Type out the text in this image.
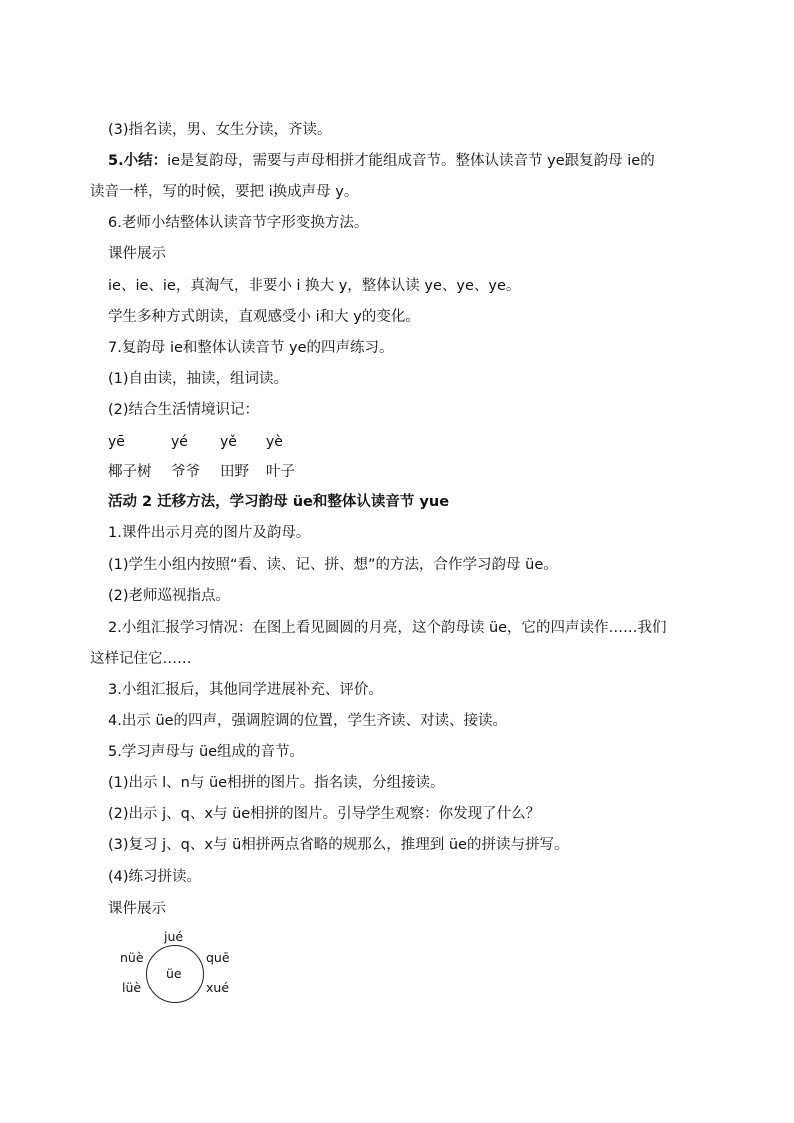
(3)指名读，男、女生分读，齐读。
5.小结：ie是复韵母，需要与声母相拼才能组成音节。整体认读音节 ye跟复韵母 ie的
读音一样，写的时候，要把 i换成声母 y。
6.老师小结整体认读音节字形变换方法。
课件展示
ie、ie、ie，真淘气，非要小 i 换大 y，整体认读 ye、ye、ye。
学生多种方式朗读，直观感受小 i和大 y的变化。
7.复韵母 ie和整体认读音节 ye的四声练习。
(1)自由读，抽读，组词读。
(2)结合生活情境识记：
yē	yé yě yè
椰子树 爷爷 田野 叶子
活动 2 迁移方法，学习韵母 üe和整体认读音节 yue
1.课件出示月亮的图片及韵母。
(1)学生小组内按照“看、读、记、拼、想”的方法，合作学习韵母 üe。
(2)老师巡视指点。
2.小组汇报学习情况：在图上看见圆圆的月亮，这个韵母读 üe，它的四声读作……我们
这样记住它……
3.小组汇报后，其他同学进展补充、评价。
4.出示 üe的四声，强调腔调的位置，学生齐读、对读、接读。
5.学习声母与 üe组成的音节。
(1)出示 l、n与 üe相拼的图片。指名读，分组接读。
(2)出示 j、q、x与 üe相拼的图片。引导学生观察：你发现了什么？
(3)复习 j、q、x与 ü相拼两点省略的规那么，推理到 üe的拼读与拼写。
(4)练习拼读。
课件展示
üe
jué
nüè
lüè
quē
xué
